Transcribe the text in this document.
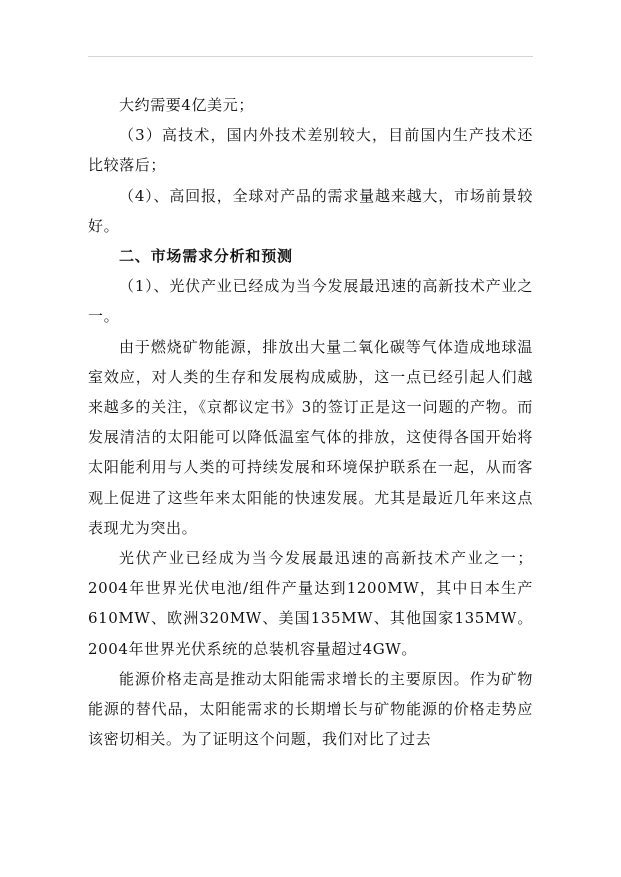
大约需要4亿美元；

（3）高技术，国内外技术差别较大，目前国内生产技术还比较落后；

（4）、高回报，全球对产品的需求量越来越大，市场前景较好。

二、市场需求分析和预测

（1）、光伏产业已经成为当今发展最迅速的高新技术产业之一。

由于燃烧矿物能源，排放出大量二氧化碳等气体造成地球温室效应，对人类的生存和发展构成威胁，这一点已经引起人们越来越多的关注，《京都议定书》3的签订正是这一问题的产物。而发展清洁的太阳能可以降低温室气体的排放，这使得各国开始将太阳能利用与人类的可持续发展和环境保护联系在一起，从而客观上促进了这些年来太阳能的快速发展。尤其是最近几年来这点表现尤为突出。

光伏产业已经成为当今发展最迅速的高新技术产业之一；2004年世界光伏电池/组件产量达到1200MW，其中日本生产610MW、欧洲320MW、美国135MW、其他国家135MW。2004年世界光伏系统的总装机容量超过4GW。

能源价格走高是推动太阳能需求增长的主要原因。作为矿物能源的替代品，太阳能需求的长期增长与矿物能源的价格走势应该密切相关。为了证明这个问题，我们对比了过去
